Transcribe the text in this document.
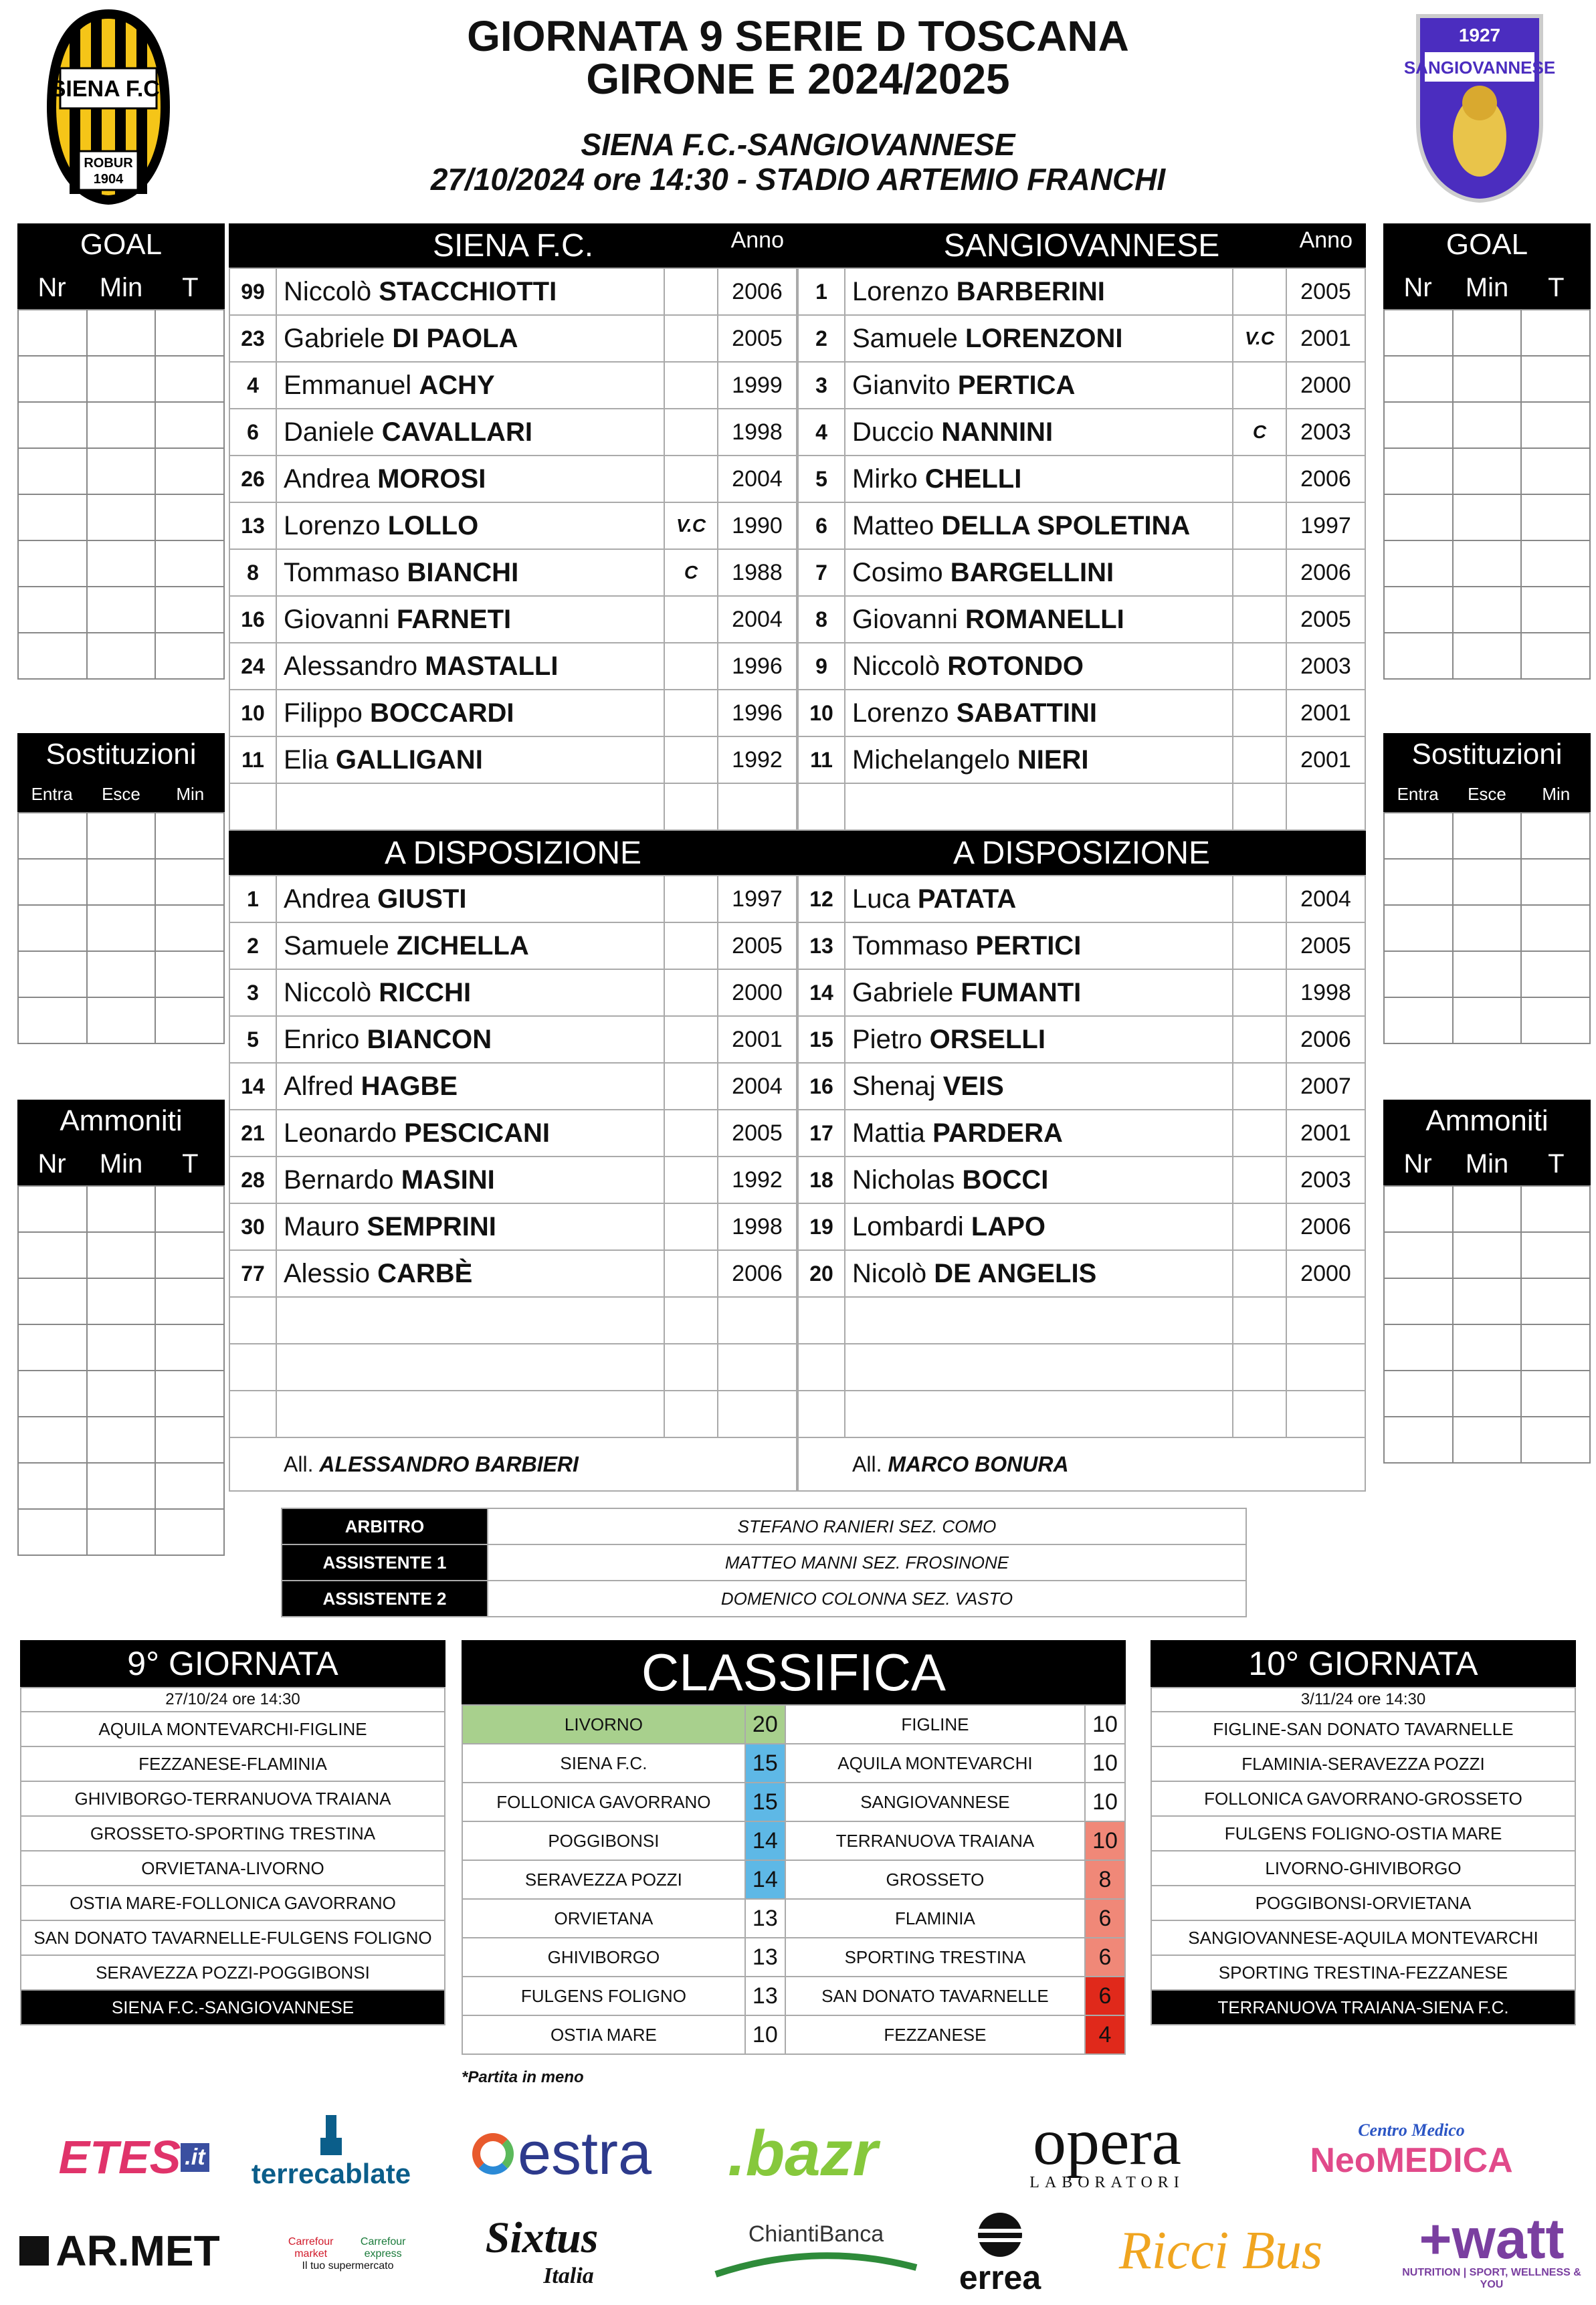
GIORNATA 9 SERIE D TOSCANA
GIRONE E 2024/2025
SIENA F.C.-SANGIOVANNESE
27/10/2024 ore 14:30 - STADIO ARTEMIO FRANCHI
SIENA F.C.
ROBUR
1904
1927
SANGIOVANNESE
GOAL
Nr	Min	T

GOAL
Nr	Min	T

Sostituzioni
Entra	Esce	Min

Sostituzioni
Entra	Esce	Min

Ammoniti
Nr	Min	T

Ammoniti
Nr	Min	T

SIENA F.C.	Anno
99	Niccolò STACCHIOTTI		2006
23	Gabriele DI PAOLA		2005
4	Emmanuel ACHY		1999
6	Daniele CAVALLARI		1998
26	Andrea MOROSI		2004
13	Lorenzo LOLLO	V.C	1990
8	Tommaso BIANCHI	C	1988
16	Giovanni FARNETI		2004
24	Alessandro MASTALLI		1996
10	Filippo BOCCARDI		1996
11	Elia GALLIGANI		1992

A DISPOSIZIONE
1	Andrea GIUSTI		1997
2	Samuele ZICHELLA		2005
3	Niccolò RICCHI		2000
5	Enrico BIANCON		2001
14	Alfred HAGBE		2004
21	Leonardo PESCICANI		2005
28	Bernardo MASINI		1992
30	Mauro SEMPRINI		1998
77	Alessio CARBÈ		2006

All. ALESSANDRO BARBIERI			
SANGIOVANNESE	Anno
1	Lorenzo BARBERINI		2005
2	Samuele LORENZONI	V.C	2001
3	Gianvito PERTICA		2000
4	Duccio NANNINI	C	2003
5	Mirko CHELLI		2006
6	Matteo DELLA SPOLETINA		1997
7	Cosimo BARGELLINI		2006
8	Giovanni ROMANELLI		2005
9	Niccolò ROTONDO		2003
10	Lorenzo SABATTINI		2001
11	Michelangelo NIERI		2001

A DISPOSIZIONE
12	Luca PATATA		2004
13	Tommaso PERTICI		2005
14	Gabriele FUMANTI		1998
15	Pietro ORSELLI		2006
16	Shenaj VEIS		2007
17	Mattia PARDERA		2001
18	Nicholas BOCCI		2003
19	Lombardi LAPO		2006
20	Nicolò DE ANGELIS		2000

All. MARCO BONURA			
ARBITRO	STEFANO RANIERI SEZ. COMO
ASSISTENTE 1	MATTEO MANNI SEZ. FROSINONE
ASSISTENTE 2	DOMENICO COLONNA SEZ. VASTO
9° GIORNATA
27/10/24 ore 14:30
AQUILA MONTEVARCHI-FIGLINE
FEZZANESE-FLAMINIA
GHIVIBORGO-TERRANUOVA TRAIANA
GROSSETO-SPORTING TRESTINA
ORVIETANA-LIVORNO
OSTIA MARE-FOLLONICA GAVORRANO
SAN DONATO TAVARNELLE-FULGENS FOLIGNO
SERAVEZZA POZZI-POGGIBONSI
SIENA F.C.-SANGIOVANNESE
10° GIORNATA
3/11/24 ore 14:30
FIGLINE-SAN DONATO TAVARNELLE
FLAMINIA-SERAVEZZA POZZI
FOLLONICA GAVORRANO-GROSSETO
FULGENS FOLIGNO-OSTIA MARE
LIVORNO-GHIVIBORGO
POGGIBONSI-ORVIETANA
SANGIOVANNESE-AQUILA MONTEVARCHI
SPORTING TRESTINA-FEZZANESE
TERRANUOVA TRAIANA-SIENA F.C.
CLASSIFICA
LIVORNO	20	FIGLINE	10
SIENA F.C.	15	AQUILA MONTEVARCHI	10
FOLLONICA GAVORRANO	15	SANGIOVANNESE	10
POGGIBONSI	14	TERRANUOVA TRAIANA	10
SERAVEZZA POZZI	14	GROSSETO	8
ORVIETANA	13	FLAMINIA	6
GHIVIBORGO	13	SPORTING TRESTINA	6
FULGENS FOLIGNO	13	SAN DONATO TAVARNELLE	6
OSTIA MARE	10	FEZZANESE	4
*Partita in meno
ETES .it
terrecablate estra	.bazr	opera
LABORATORI
Centro Medico
NeoMEDICA
AR.MET	Carrefour market
Carrefour express
Il tuo supermercato
Sixtus
Italia
ChiantiBanca
errea Ricci Bus +watt
NUTRITION | SPORT, WELLNESS & YOU
